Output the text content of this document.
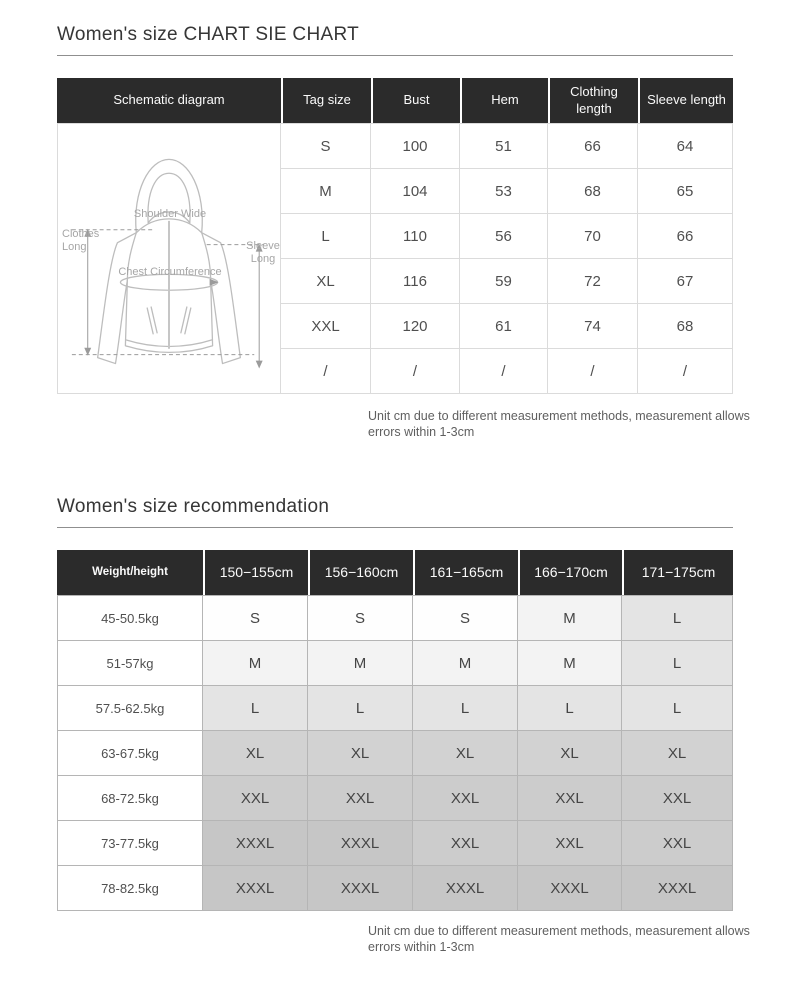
Women's size CHART SIE CHART
Schematic diagram	Tag size	Bust	Hem	Clothing length	Sleeve length

Clothes Long
Shoulder Wide
Chest Circumference
Sleeve Long	S	100	51	66	64
	M	104	53	68	65
	L	110	56	70	66
	XL	116	59	72	67
	XXL	120	61	74	68
	/	/	/	/	/

Unit cm due to different measurement methods, measurement allows errors within 1-3cm

Women's size recommendation
Weight/height	150−155cm	156−160cm	161−165cm	166−170cm	171−175cm
45-50.5kg	S	S	S	M	L
51-57kg	M	M	M	M	L
57.5-62.5kg	L	L	L	L	L
63-67.5kg	XL	XL	XL	XL	XL
68-72.5kg	XXL	XXL	XXL	XXL	XXL
73-77.5kg	XXXL	XXXL	XXL	XXL	XXL
78-82.5kg	XXXL	XXXL	XXXL	XXXL	XXXL

Unit cm due to different measurement methods, measurement allows errors within 1-3cm
